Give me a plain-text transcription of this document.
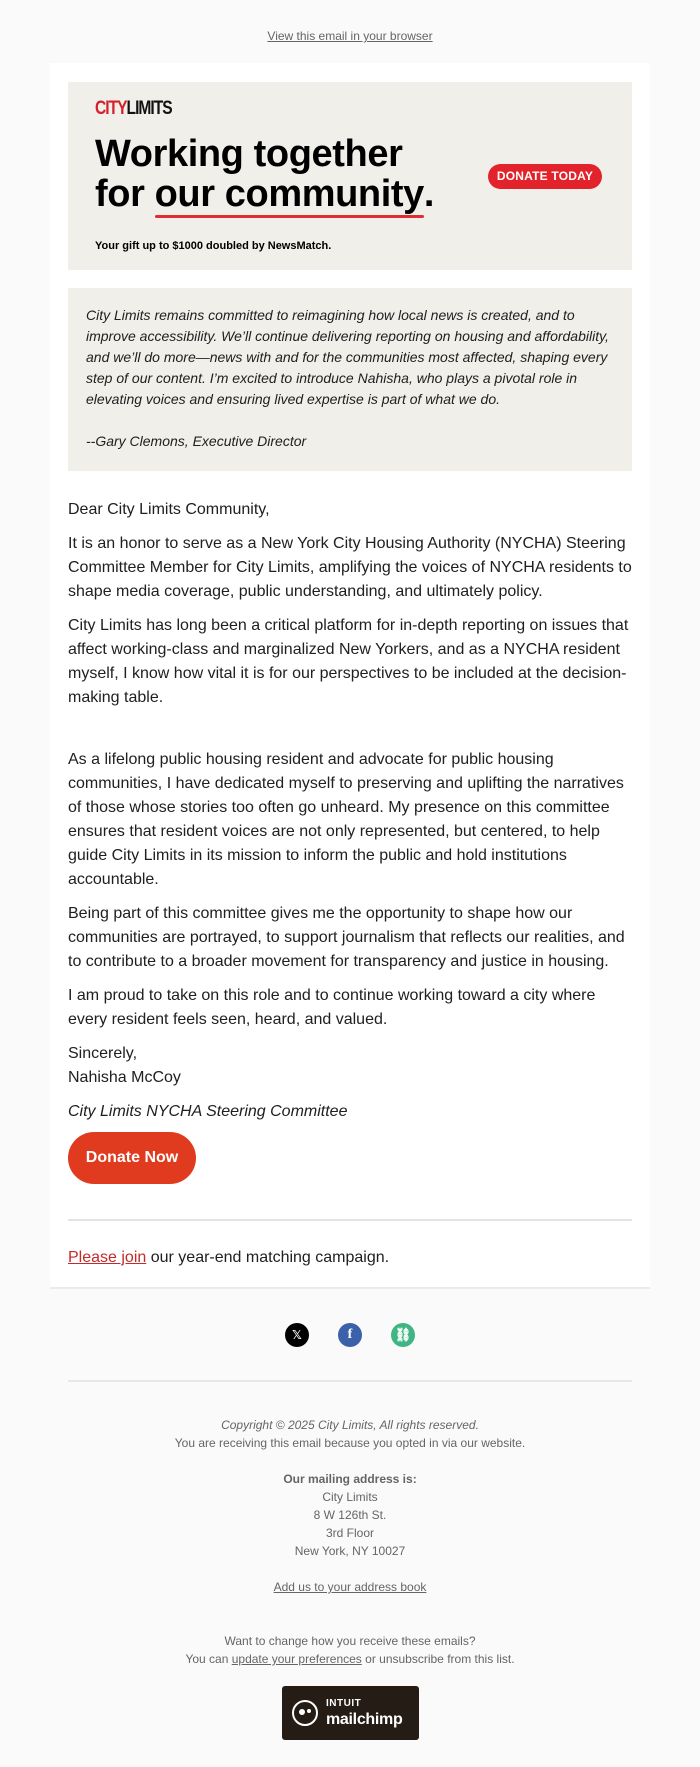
View this email in your browser
CITYLIMITS
Working together
for our community.	DONATE TODAY
Your gift up to $1000 doubled by NewsMatch.

City Limits remains committed to reimagining how local news is created, and to improve accessibility. We’ll continue delivering reporting on housing and affordability, and we’ll do more—news with and for the communities most affected, shaping every step of our content. I’m excited to introduce Nahisha, who plays a pivotal role in elevating voices and ensuring lived expertise is part of what we do.

--Gary Clemons, Executive Director

Dear City Limits Community,

It is an honor to serve as a New York City Housing Authority (NYCHA) Steering Committee Member for City Limits, amplifying the voices of NYCHA residents to shape media coverage, public understanding, and ultimately policy.

City Limits has long been a critical platform for in-depth reporting on issues that affect working-class and marginalized New Yorkers, and as a NYCHA resident myself, I know how vital it is for our perspectives to be included at the decision-making table.

As a lifelong public housing resident and advocate for public housing communities, I have dedicated myself to preserving and uplifting the narratives of those whose stories too often go unheard. My presence on this committee ensures that resident voices are not only represented, but centered, to help guide City Limits in its mission to inform the public and hold institutions accountable.

Being part of this committee gives me the opportunity to shape how our communities are portrayed, to support journalism that reflects our realities, and to contribute to a broader movement for transparency and justice in housing.

I am proud to take on this role and to continue working toward a city where every resident feels seen, heard, and valued.

Sincerely,
Nahisha McCoy

City Limits NYCHA Steering Committee

Donate Now
Please join our year-end matching campaign.
𝕏	f	⛓
Copyright © 2025 City Limits, All rights reserved.
You are receiving this email because you opted in via our website.
Our mailing address is:
City Limits
8 W 126th St.
3rd Floor
New York, NY 10027
Add us to your address book
Want to change how you receive these emails?
You can update your preferences or unsubscribe from this list.
INTUIT
mailchimp
